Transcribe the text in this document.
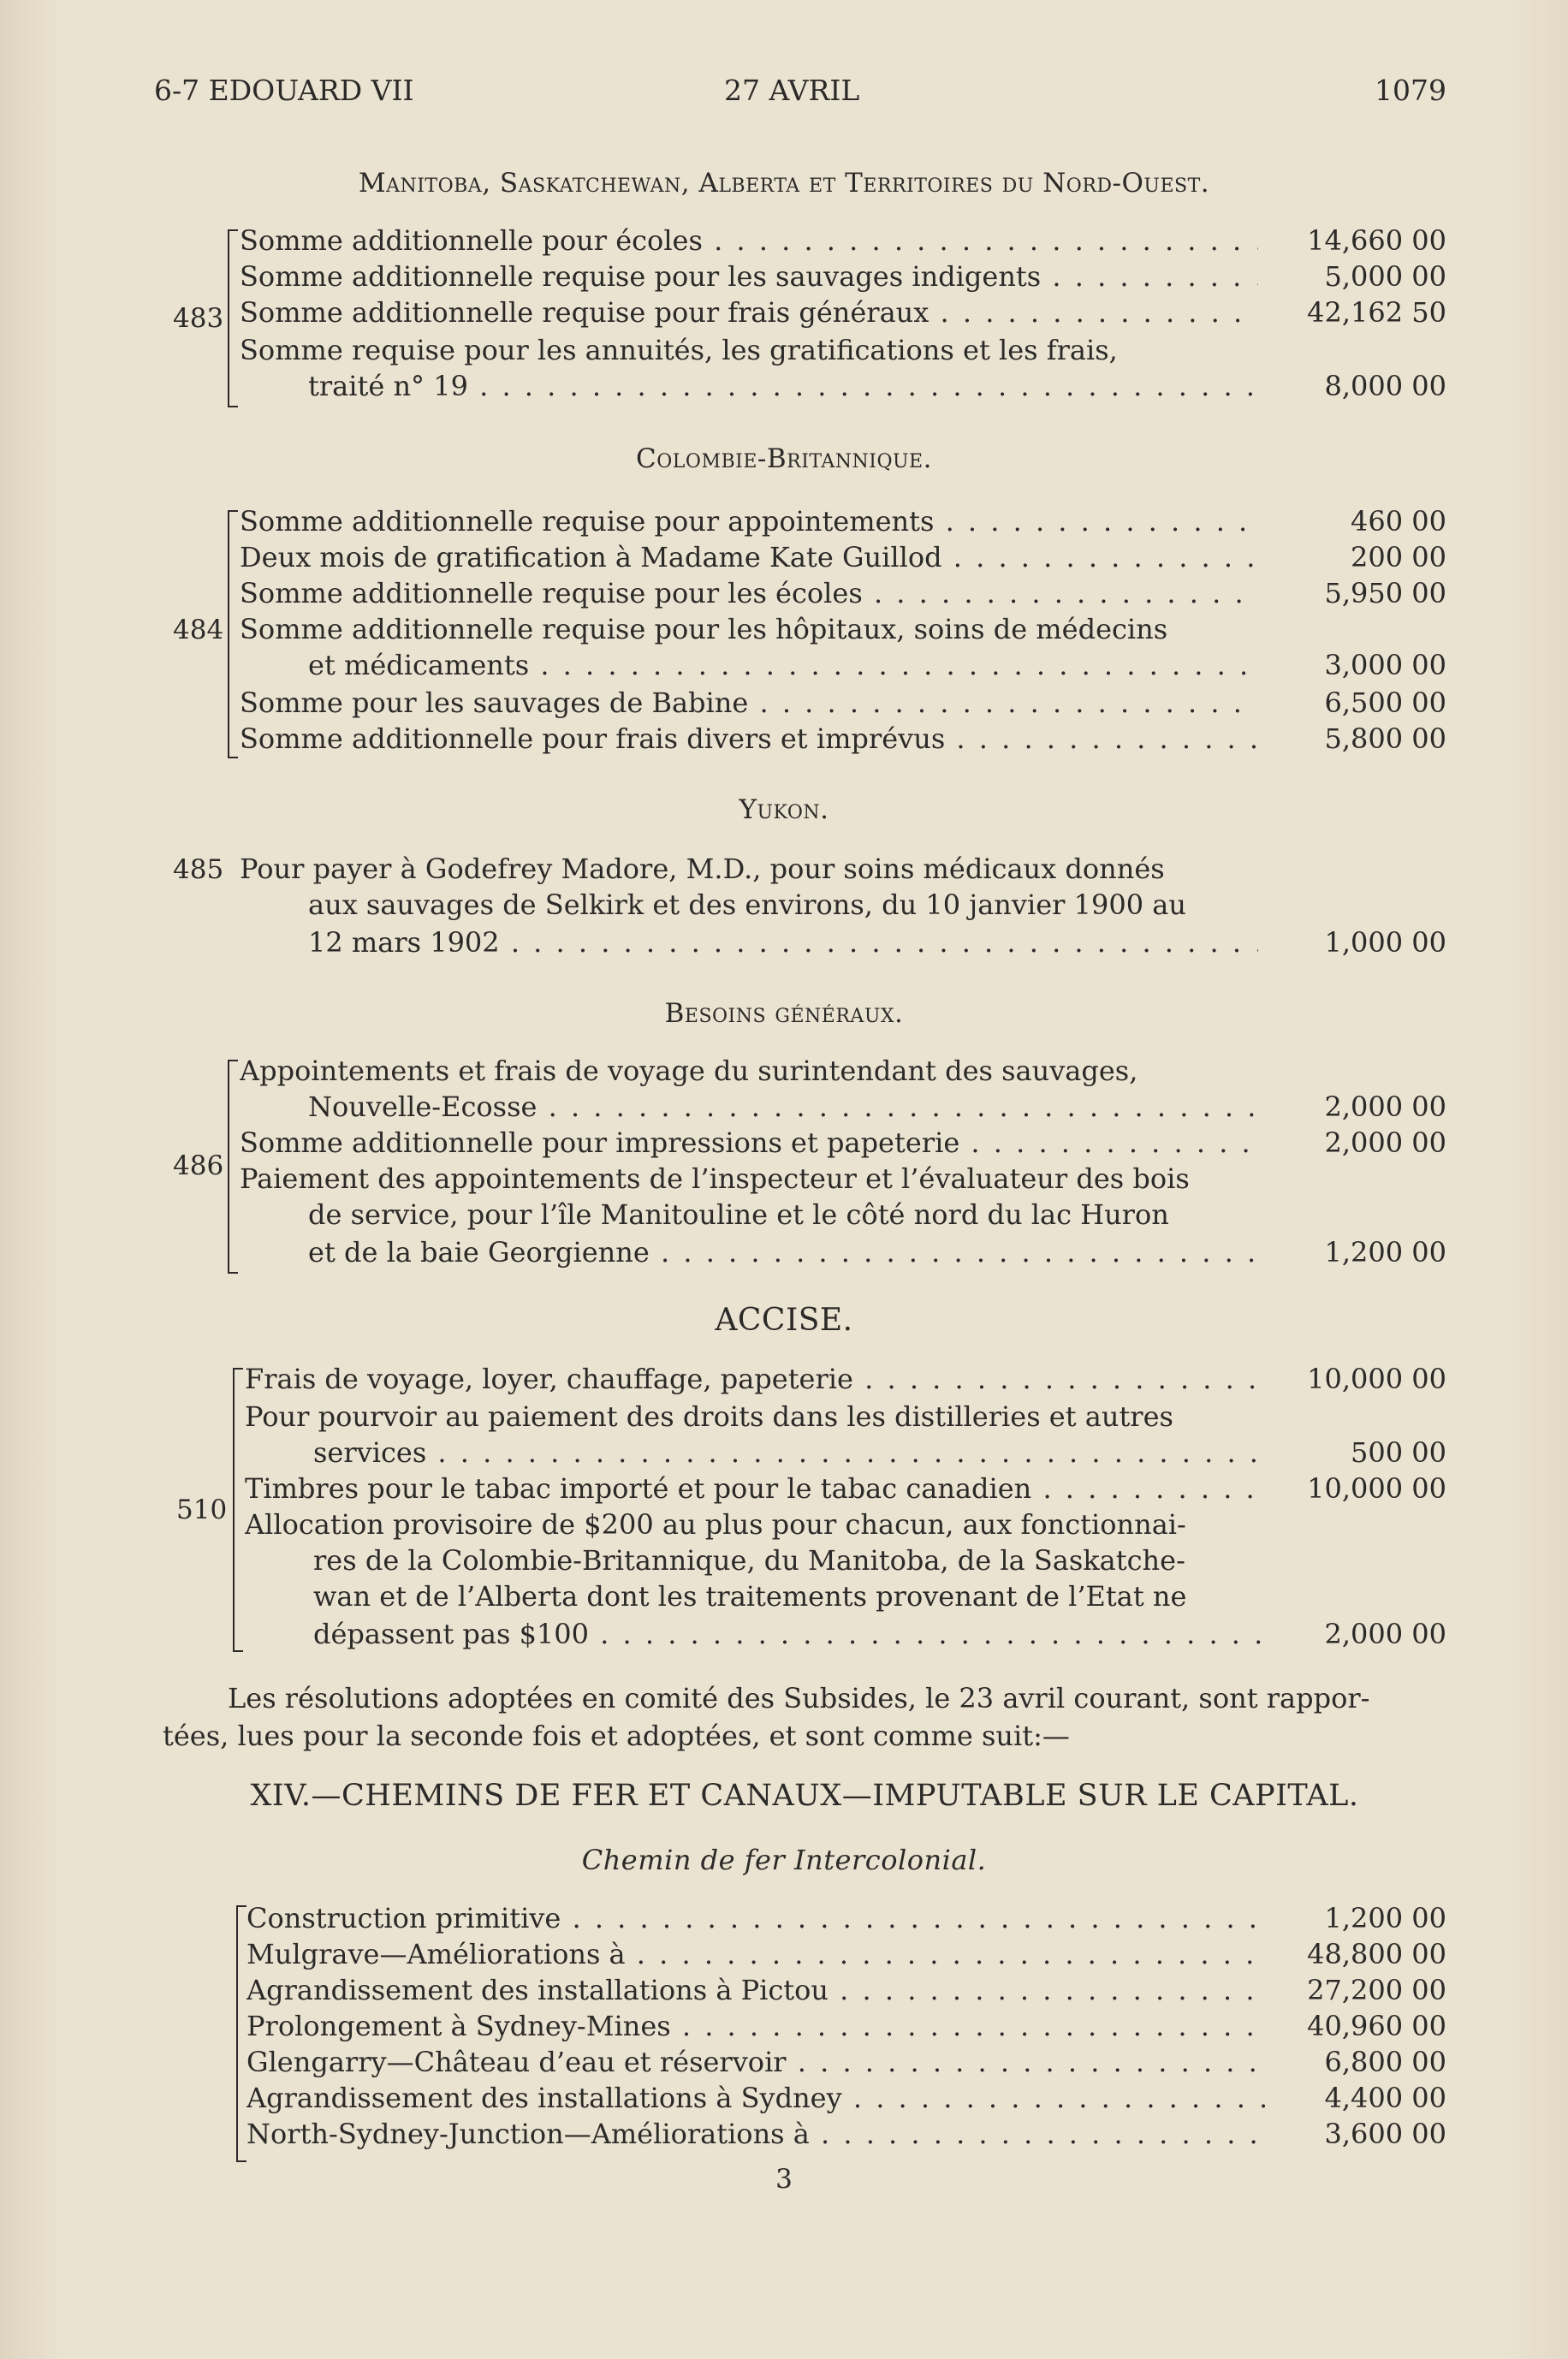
6-7 EDOUARD VII	27 AVRIL	1079
Manitoba, Saskatchewan, Alberta et Territoires du Nord-Ouest.
483
Somme additionnelle pour écoles . . .	14,660 00
Somme additionnelle requise pour les sauvages indigents . . .	5,000 00
Somme additionnelle requise pour frais généraux . . .	42,162 50
Somme requise pour les annuités, les gratifications et les frais,
traité n° 19 . . .	8,000 00
Colombie-Britannique.
484
Somme additionnelle requise pour appointements . . .	460 00
Deux mois de gratification à Madame Kate Guillod . . .	200 00
Somme additionnelle requise pour les écoles . . .	5,950 00
Somme additionnelle requise pour les hôpitaux, soins de médecins
et médicaments . . .	3,000 00
Somme pour les sauvages de Babine . . .	6,500 00
Somme additionnelle pour frais divers et imprévus . . .	5,800 00
Yukon.
485 Pour payer à Godefrey Madore, M.D., pour soins médicaux donnés
aux sauvages de Selkirk et des environs, du 10 janvier 1900 au
12 mars 1902 . . .	1,000 00
Besoins généraux.
486
Appointements et frais de voyage du surintendant des sauvages,
Nouvelle-Ecosse . . .	2,000 00
Somme additionnelle pour impressions et papeterie . . .	2,000 00
Paiement des appointements de l’inspecteur et l’évaluateur des bois
de service, pour l’île Manitouline et le côté nord du lac Huron
et de la baie Georgienne . . .	1,200 00
ACCISE.
510
Frais de voyage, loyer, chauffage, papeterie . . .	10,000 00
Pour pourvoir au paiement des droits dans les distilleries et autres
services . . .	500 00
Timbres pour le tabac importé et pour le tabac canadien . . .	10,000 00
Allocation provisoire de $200 au plus pour chacun, aux fonctionnai-
res de la Colombie-Britannique, du Manitoba, de la Saskatche-
wan et de l’Alberta dont les traitements provenant de l’Etat ne
dépassent pas $100 . . .	2,000 00
Les résolutions adoptées en comité des Subsides, le 23 avril courant, sont rappor-
tées, lues pour la seconde fois et adoptées, et sont comme suit:—
XIV.—CHEMINS DE FER ET CANAUX—IMPUTABLE SUR LE CAPITAL.
Chemin de fer Intercolonial.
Construction primitive . . .	1,200 00
Mulgrave—Améliorations à . . .	48,800 00
Agrandissement des installations à Pictou . . .	27,200 00
Prolongement à Sydney-Mines . . .	40,960 00
Glengarry—Château d’eau et réservoir . . .	6,800 00
Agrandissement des installations à Sydney . . .	4,400 00
North-Sydney-Junction—Améliorations à . . .	3,600 00
3
